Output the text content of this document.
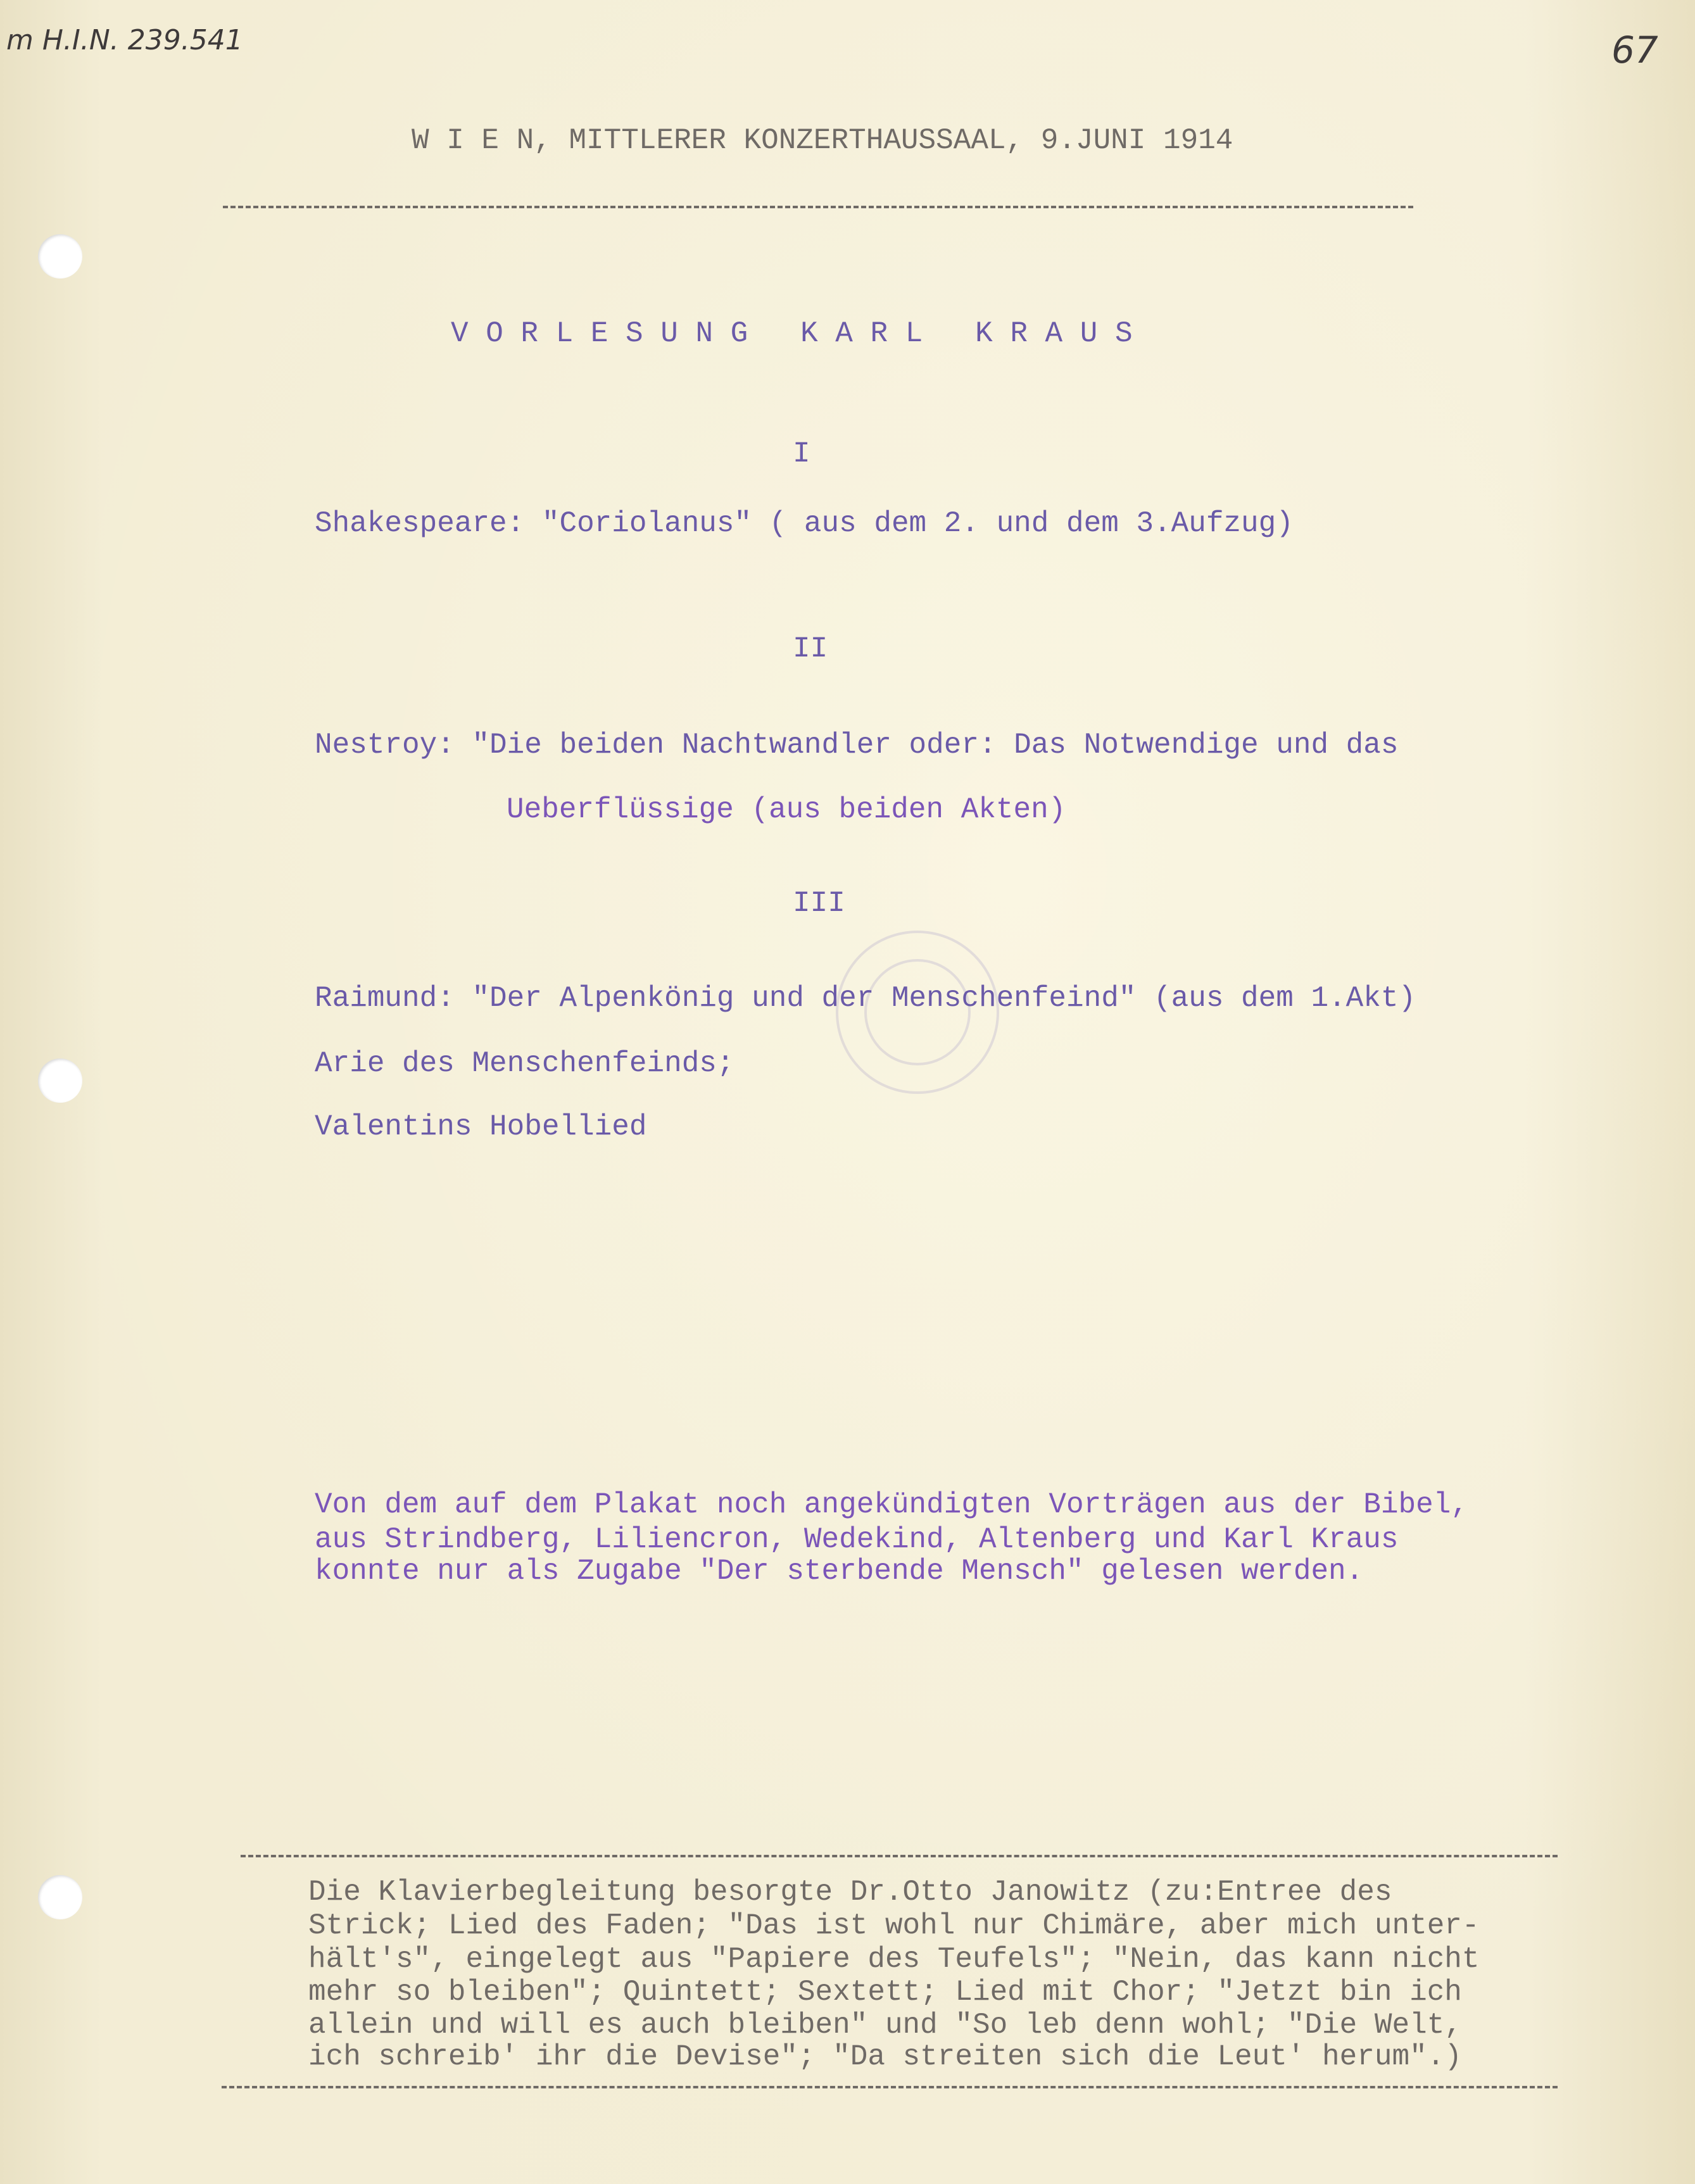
m H.I.N. 239.541	67
W I E N, MITTLERER KONZERTHAUSSAAL, 9.JUNI 1914
V O R L E S U N G   K A R L   K R A U S
I
Shakespeare: "Coriolanus" ( aus dem 2. und dem 3.Aufzug)
II
Nestroy: "Die beiden Nachtwandler oder: Das Notwendige und das
Ueberflüssige (aus beiden Akten)
III
Raimund: "Der Alpenkönig und der Menschenfeind" (aus dem 1.Akt)
Arie des Menschenfeinds;
Valentins Hobellied
Von dem auf dem Plakat noch angekündigten Vorträgen aus der Bibel,
aus Strindberg, Liliencron, Wedekind, Altenberg und Karl Kraus
konnte nur als Zugabe "Der sterbende Mensch" gelesen werden.
Die Klavierbegleitung besorgte Dr.Otto Janowitz (zu:Entree des
Strick; Lied des Faden; "Das ist wohl nur Chimäre, aber mich unter-
hält's", eingelegt aus "Papiere des Teufels"; "Nein, das kann nicht
mehr so bleiben"; Quintett; Sextett; Lied mit Chor; "Jetzt bin ich
allein und will es auch bleiben" und "So leb denn wohl; "Die Welt,
ich schreib' ihr die Devise"; "Da streiten sich die Leut' herum".)
